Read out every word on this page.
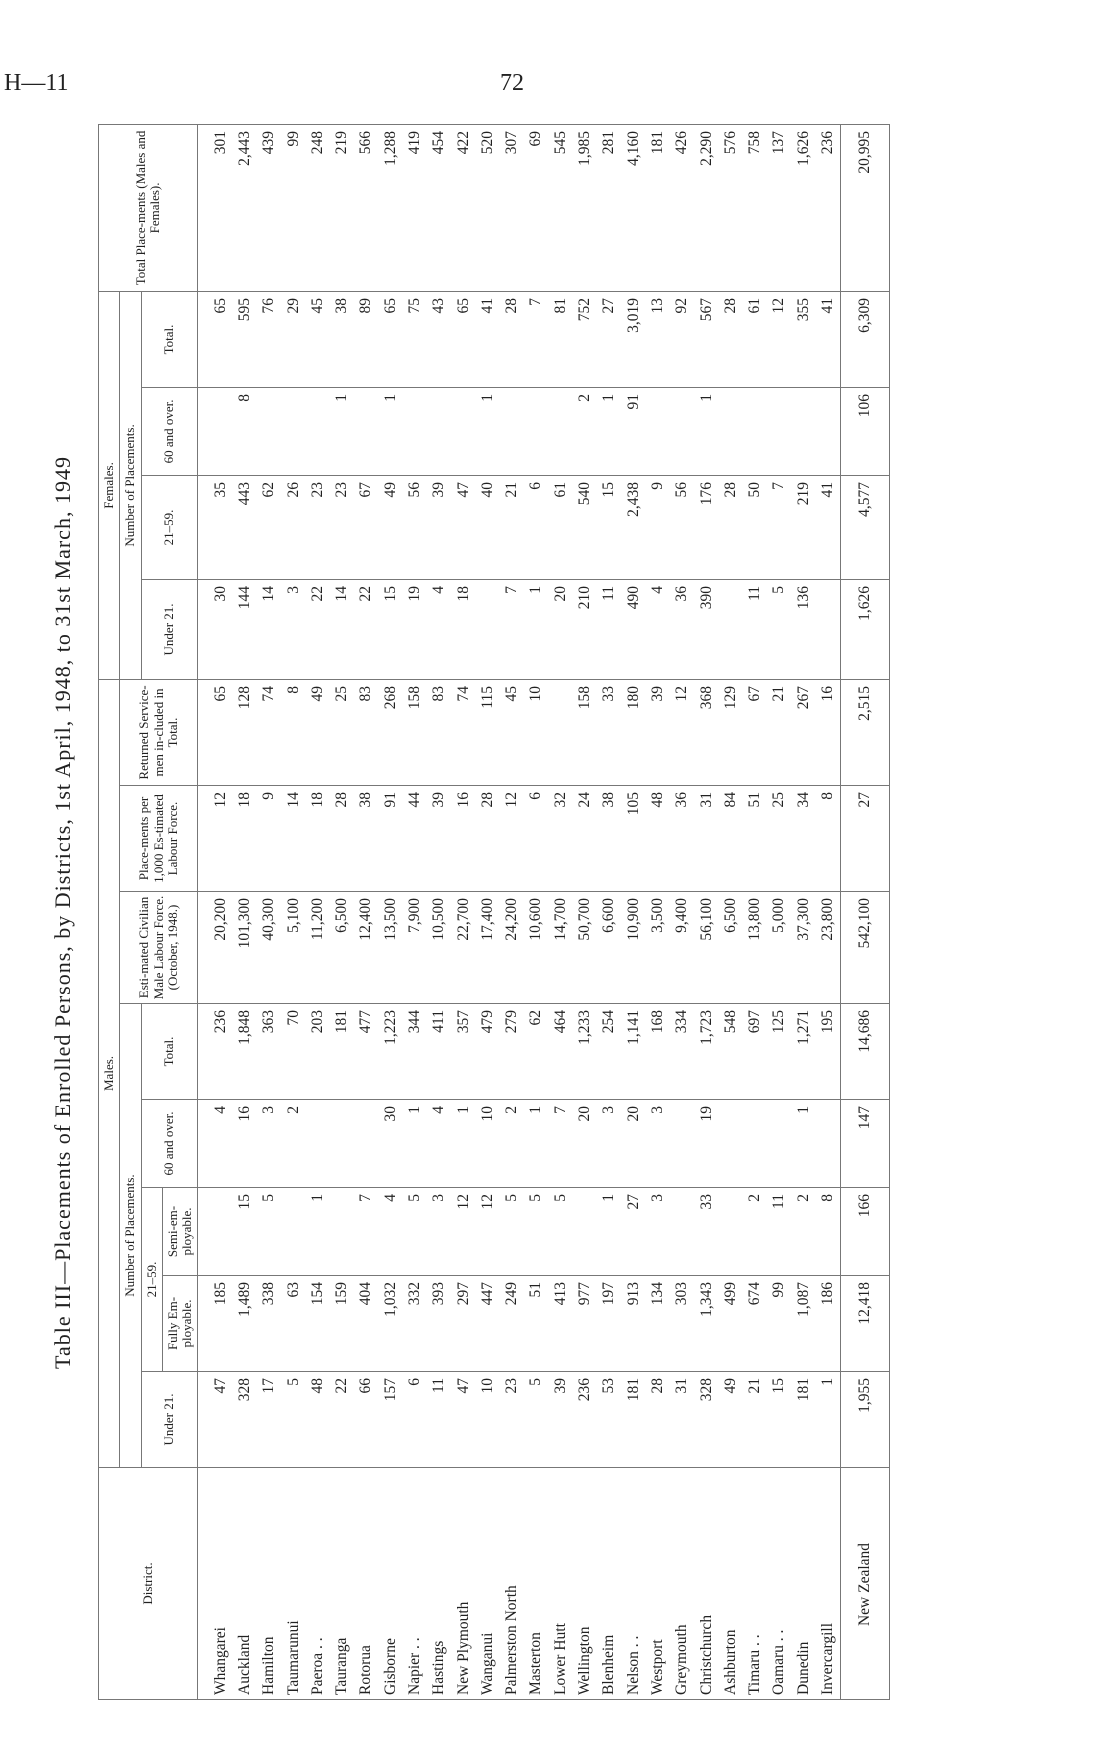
H—11	72
Table III—Placements of Enrolled Persons, by Districts, 1st April, 1948, to 31st March, 1949
District.	Males.								Females.				Total Place-ments (Males and Females).
	Number of Placements.					Esti-mated Civilian Male Labour Force. (October, 1948.)	Place-ments per 1,000 Es-timated Labour Force.	Returned Service-men in-cluded in Total.	Number of Placements.				
	Under 21.	21–59.		60 and over.	Total.				Under 21.	21–59.	60 and over.	Total.	
		Fully Em-ployable.	Semi-em-ployable.										
Whangarei	47	185		4	236	20,200	12	65	30	35		65	301
Auckland	328	1,489	15	16	1,848	101,300	18	128	144	443	8	595	2,443
Hamilton	17	338	5	3	363	40,300	9	74	14	62		76	439
Taumarunui	5	63		2	70	5,100	14	8	3	26		29	99
Paeroa . .	48	154	1		203	11,200	18	49	22	23		45	248
Tauranga	22	159			181	6,500	28	25	14	23	1	38	219
Rotorua	66	404	7		477	12,400	38	83	22	67		89	566
Gisborne	157	1,032	4	30	1,223	13,500	91	268	15	49	1	65	1,288
Napier . .	6	332	5	1	344	7,900	44	158	19	56		75	419
Hastings	11	393	3	4	411	10,500	39	83	4	39		43	454
New Plymouth	47	297	12	1	357	22,700	16	74	18	47		65	422
Wanganui	10	447	12	10	479	17,400	28	115		40	1	41	520
Palmerston North	23	249	5	2	279	24,200	12	45	7	21		28	307
Masterton	5	51	5	1	62	10,600	6	10	1	6		7	69
Lower Hutt	39	413	5	7	464	14,700	32		20	61		81	545
Wellington	236	977		20	1,233	50,700	24	158	210	540	2	752	1,985
Blenheim	53	197	1	3	254	6,600	38	33	11	15	1	27	281
Nelson . .	181	913	27	20	1,141	10,900	105	180	490	2,438	91	3,019	4,160
Westport	28	134	3	3	168	3,500	48	39	4	9		13	181
Greymouth	31	303			334	9,400	36	12	36	56		92	426
Christchurch	328	1,343	33	19	1,723	56,100	31	368	390	176	1	567	2,290
Ashburton	49	499			548	6,500	84	129		28		28	576
Timaru . .	21	674	2		697	13,800	51	67	11	50		61	758
Oamaru . .	15	99	11		125	5,000	25	21	5	7		12	137
Dunedin	181	1,087	2	1	1,271	37,300	34	267	136	219		355	1,626
Invercargill	1	186	8		195	23,800	8	16		41		41	236
New Zealand	1,955	12,418	166	147	14,686	542,100	27	2,515	1,626	4,577	106	6,309	20,995
